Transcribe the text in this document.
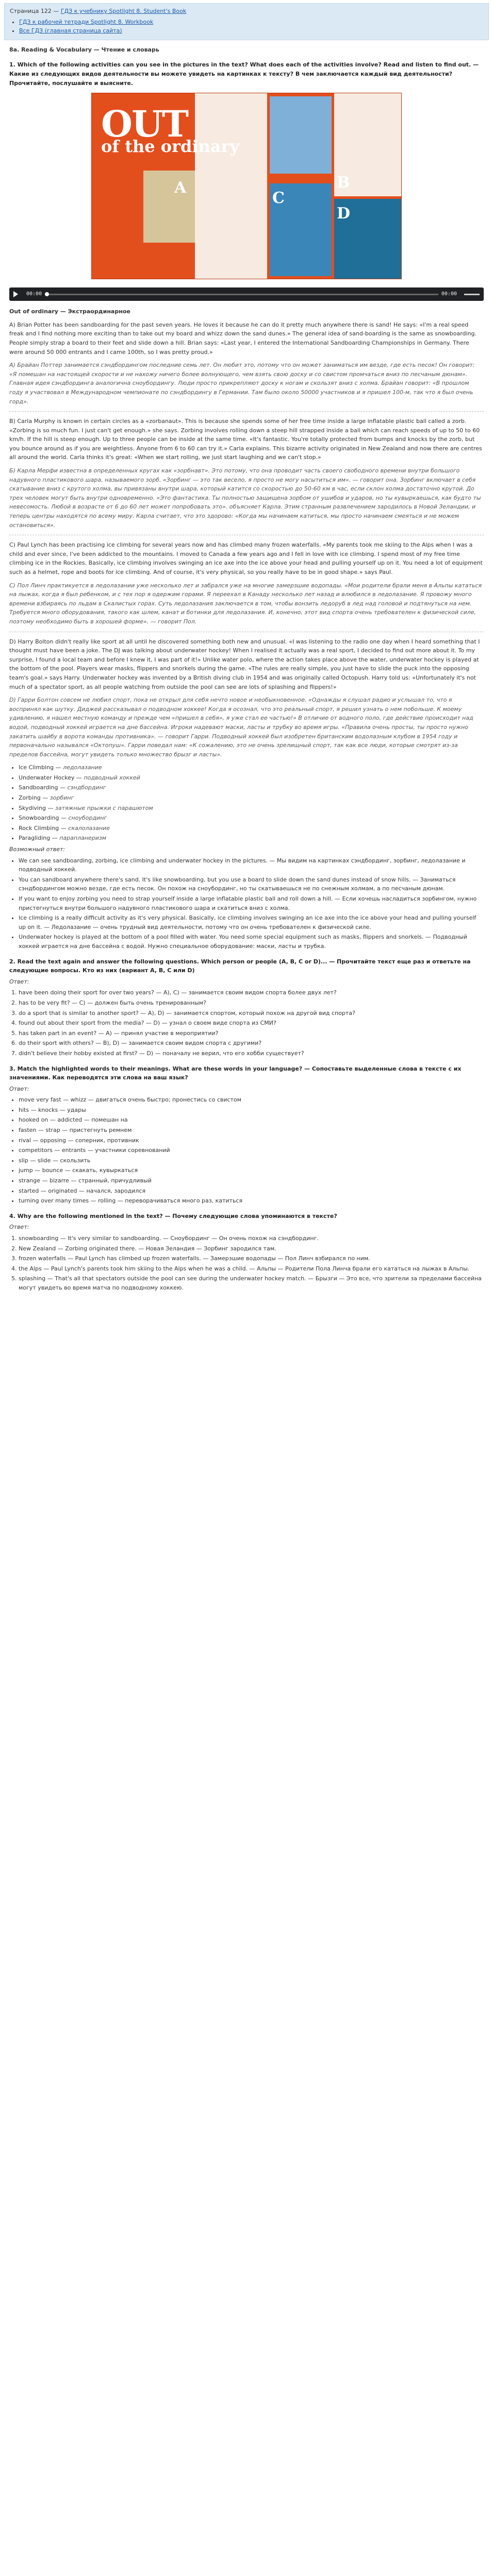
Страница 122 — ГДЗ к учебнику Spotlight 8. Student's Book
• ГДЗ к рабочей тетради Spotlight 8. Workbook
• Все ГДЗ (главная страница сайта)
8a. Reading & Vocabulary — Чтение и словарь
1. Which of the following activities can you see in the pictures in the text? What does each of the activities involve? Read and listen to find out. — Какие из следующих видов деятельности вы можете увидеть на картинках к тексту? В чем заключается каждый вид деятельности? Прочитайте, послушайте и выясните.
OUT
of the ordinary
A	B
C
D
00:00	00:00
Out of ordinary — Экстраординарное
A) Brian Potter has been sandboarding for the past seven years. He loves it because he can do it pretty much anywhere there is sand! He says: «I'm a real speed freak and I find nothing more exciting than to take out my board and whizz down the sand dunes.» The general idea of sand-boarding is the same as snowboarding. People simply strap a board to their feet and slide down a hill. Brian says: «Last year, I entered the International Sandboarding Championships in Germany. There were around 50 000 entrants and I came 100th, so I was pretty proud.»
А) Брайан Поттер занимается сэндбордингом последние семь лет. Он любит это, потому что он может заниматься им везде, где есть песок! Он говорит: «Я помешан на настоящей скорости и не нахожу ничего более волнующего, чем взять свою доску и со свистом промчаться вниз по песчаным дюнам». Главная идея сэндбординга аналогична сноубордингу. Люди просто прикрепляют доску к ногам и скользят вниз с холма. Брайан говорит: «В прошлом году я участвовал в Международном чемпионате по сэндбордингу в Германии. Там было около 50000 участников и я пришел 100-м, так что я был очень горд».
B) Carla Murphy is known in certain circles as a «zorbanaut». This is because she spends some of her free time inside a large inflatable plastic ball called a zorb. «Zorbing is so much fun. I just can't get enough.» she says. Zorbing involves rolling down a steep hill strapped inside a ball which can reach speeds of up to 50 to 60 km/h. If the hill is steep enough. Up to three people can be inside at the same time. «It's fantastic. You're totally protected from bumps and knocks by the zorb, but you bounce around as if you are weightless. Anyone from 6 to 60 can try it.» Carla explains. This bizarre activity originated in New Zealand and now there are centres all around the world. Carla thinks it's great: «When we start rolling, we just start laughing and we can't stop.»
Б) Карла Мерфи известна в определенных кругах как «зорбнавт». Это потому, что она проводит часть своего свободного времени внутри большого надувного пластикового шара, называемого зорб. «Зорбинг — это так весело, я просто не могу насытиться им». — говорит она. Зорбинг включает в себя скатывание вниз с крутого холма, вы привязаны внутри шара, который катится со скоростью до 50-60 км в час, если склон холма достаточно крутой. До трех человек могут быть внутри одновременно. «Это фантастика. Ты полностью защищена зорбом от ушибов и ударов, но ты кувыркаешься, как будто ты невесомость. Любой в возрасте от 6 до 60 лет может попробовать это». объясняет Карла. Этим странным развлечением зародилось в Новой Зеландии, и теперь центры находятся по всему миру. Карла считает, что это здорово: «Когда мы начинаем катиться, мы просто начинаем смеяться и не можем остановиться».
C) Paul Lynch has been practising ice climbing for several years now and has climbed many frozen waterfalls. «My parents took me skiing to the Alps when I was a child and ever since, I've been addicted to the mountains. I moved to Canada a few years ago and I fell in love with ice climbing. I spend most of my free time climbing ice in the Rockies. Basically, ice climbing involves swinging an ice axe into the ice above your head and pulling yourself up on it. You need a lot of equipment such as a helmet, rope and boots for ice climbing. And of course, it's very physical, so you really have to be in good shape.» says Paul.
С) Пол Линч практикуется в ледолазании уже несколько лет и забрался уже на многие замерзшие водопады. «Мои родители брали меня в Альпы кататься на лыжах, когда я был ребенком, и с тех пор я одержим горами. Я переехал в Канаду несколько лет назад и влюбился в ледолазание. Я провожу много времени взбираясь по льдам в Скалистых горах. Суть ледолазания заключается в том, чтобы вонзить ледоруб в лед над головой и подтянуться на нем. Требуется много оборудования, такого как шлем, канат и ботинки для ледолазания. И, конечно, этот вид спорта очень требователен к физической силе, поэтому необходимо быть в хорошей форме». — говорит Пол.
D) Harry Bolton didn't really like sport at all until he discovered something both new and unusual. «I was listening to the radio one day when I heard something that I thought must have been a joke. The DJ was talking about underwater hockey! When I realised it actually was a real sport, I decided to find out more about it. To my surprise, I found a local team and before I knew it, I was part of it!» Unlike water polo, where the action takes place above the water, underwater hockey is played at the bottom of the pool. Players wear masks, flippers and snorkels during the game. «The rules are really simple, you just have to slide the puck into the opposing team's goal.» says Harry. Underwater hockey was invented by a British diving club in 1954 and was originally called Octopush. Harry told us: «Unfortunately it's not much of a spectator sport, as all people watching from outside the pool can see are lots of splashing and flippers!»
D) Гарри Болтон совсем не любил спорт, пока не открыл для себя нечто новое и необыкновенное. «Однажды я слушал радио и услышал то, что я воспринял как шутку. Диджей рассказывал о подводном хоккее! Когда я осознал, что это реальный спорт, я решил узнать о нем побольше. К моему удивлению, я нашел местную команду и прежде чем «пришел в себя», я уже стал ее частью!» В отличие от водного поло, где действие происходит над водой, подводный хоккей играется на дне бассейна. Игроки надевают маски, ласты и трубку во время игры. «Правила очень просты, ты просто нужно закатить шайбу в ворота команды противника». — говорит Гарри. Подводный хоккей был изобретен британским водолазным клубом в 1954 году и первоначально назывался «Октопуш». Гарри поведал нам: «К сожалению, это не очень зрелищный спорт, так как все люди, которые смотрят из-за пределов бассейна, могут увидеть только множество брызг и ласты».
• Ice Climbing — ледолазание
• Underwater Hockey — подводный хоккей
• Sandboarding — сэндбординг
• Zorbing — зорбинг
• Skydiving — затяжные прыжки с парашютом
• Snowboarding — сноубординг
• Rock Climbing — скалолазание
• Paragliding — парапланеризм
Возможный ответ:
• We can see sandboarding, zorbing, ice climbing and underwater hockey in the pictures. — Мы видим на картинках сэндбординг, зорбинг, ледолазание и подводный хоккей.
• You can sandboard anywhere there's sand. It's like snowboarding, but you use a board to slide down the sand dunes instead of snow hills. — Заниматься сэндбордингом можно везде, где есть песок. Он похож на сноубординг, но ты скатываешься не по снежным холмам, а по песчаным дюнам.
• If you want to enjoy zorbing you need to strap yourself inside a large inflatable plastic ball and roll down a hill. — Если хочешь насладиться зорбингом, нужно пристегнуться внутри большого надувного пластикового шара и скатиться вниз с холма.
• Ice climbing is a really difficult activity as it's very physical. Basically, ice climbing involves swinging an ice axe into the ice above your head and pulling yourself up on it. — Ледолазание — очень трудный вид деятельности, потому что он очень требователен к физической силе.
• Underwater hockey is played at the bottom of a pool filled with water. You need some special equipment such as masks, flippers and snorkels. — Подводный хоккей играется на дне бассейна с водой. Нужно специальное оборудование: маски, ласты и трубка.
2. Read the text again and answer the following questions. Which person or people (A, B, C or D)... — Прочитайте текст еще раз и ответьте на следующие вопросы. Кто из них (вариант A, B, C или D)
Ответ:
1. have been doing their sport for over two years? — A), C) — занимается своим видом спорта более двух лет?
2. has to be very fit? — C) — должен быть очень тренированным?
3. do a sport that is similar to another sport? — A), D) — занимается спортом, который похож на другой вид спорта?
4. found out about their sport from the media? — D) — узнал о своем виде спорта из СМИ?
5. has taken part in an event? — A) — принял участие в мероприятии?
6. do their sport with others? — B), D) — занимается своим видом спорта с другими?
7. didn't believe their hobby existed at first? — D) — поначалу не верил, что его хобби существует?
3. Match the highlighted words to their meanings. What are these words in your language? — Сопоставьте выделенные слова в тексте с их значениями. Как переводятся эти слова на ваш язык?
Ответ:
• move very fast — whizz — двигаться очень быстро; пронестись со свистом
• hits — knocks — удары
• hooked on — addicted — помешан на
• fasten — strap — пристегнуть ремнем
• rival — opposing — соперник, противник
• competitors — entrants — участники соревнований
• slip — slide — скользить
• jump — bounce — скакать, кувыркаться
• strange — bizarre — странный, причудливый
• started — originated — начался, зародился
• turning over many times — rolling — переворачиваться много раз, катиться
4. Why are the following mentioned in the text? — Почему следующие слова упоминаются в тексте?
Ответ:
1. snowboarding — It's very similar to sandboarding. — Сноубординг — Он очень похож на сэндбординг.
2. New Zealand — Zorbing originated there. — Новая Зеландия — Зорбинг зародился там.
3. frozen waterfalls — Paul Lynch has climbed up frozen waterfalls. — Замерзшие водопады — Пол Линч взбирался по ним.
4. the Alps — Paul Lynch's parents took him skiing to the Alps when he was a child. — Альпы — Родители Пола Линча брали его кататься на лыжах в Альпы.
5. splashing — That's all that spectators outside the pool can see during the underwater hockey match. — Брызги — Это все, что зрители за пределами бассейна могут увидеть во время матча по подводному хоккею.
